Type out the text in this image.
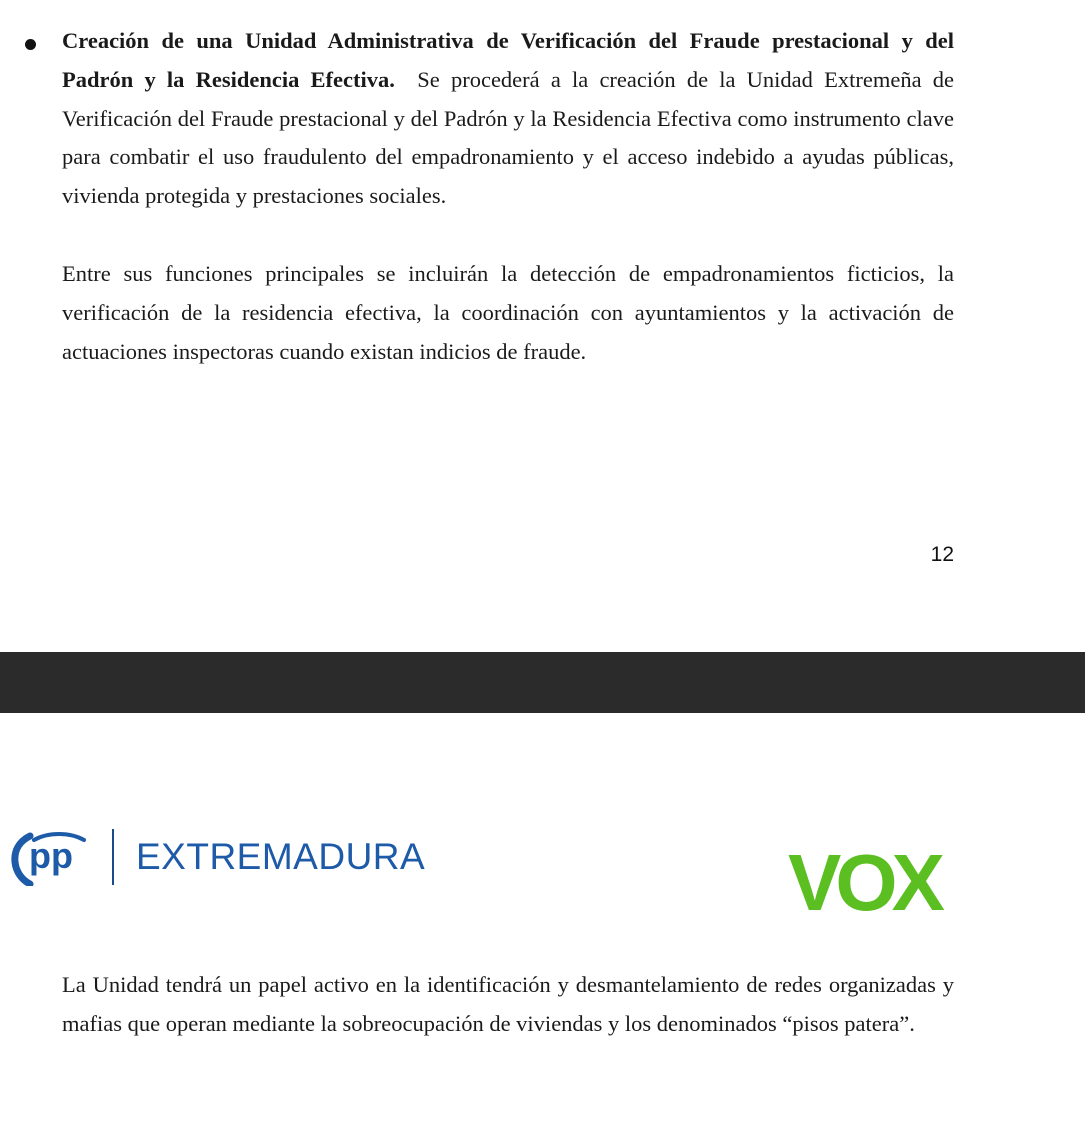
Creación de una Unidad Administrativa de Verificación del Fraude prestacional y del Padrón y la Residencia Efectiva. Se procederá a la creación de la Unidad Extremeña de Verificación del Fraude prestacional y del Padrón y la Residencia Efectiva como instrumento clave para combatir el uso fraudulento del empadronamiento y el acceso indebido a ayudas públicas, vivienda protegida y prestaciones sociales.

Entre sus funciones principales se incluirán la detección de empadronamientos ficticios, la verificación de la residencia efectiva, la coordinación con ayuntamientos y la activación de actuaciones inspectoras cuando existan indicios de fraude.

12
pp EXTREMADURA	VOX

La Unidad tendrá un papel activo en la identificación y desmantelamiento de redes organizadas y mafias que operan mediante la sobreocupación de viviendas y los denominados “pisos patera”.
